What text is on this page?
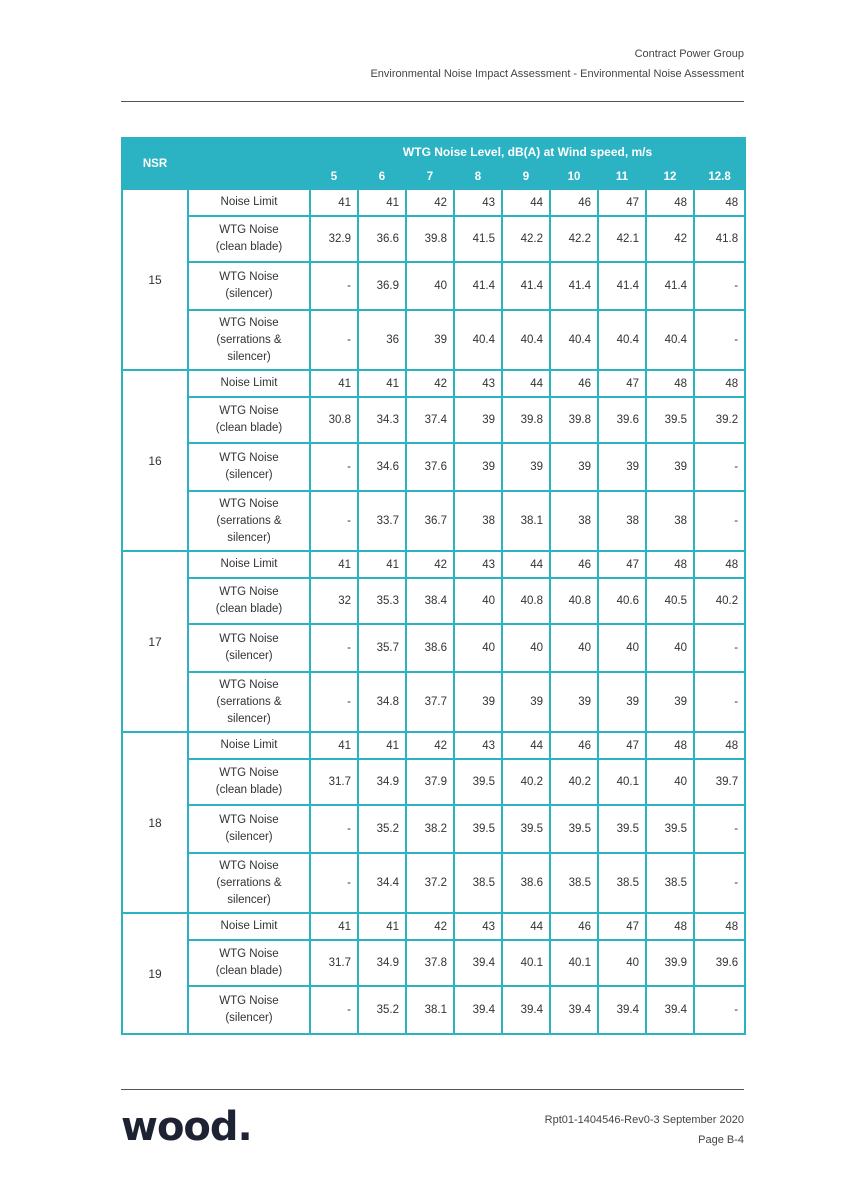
Contract Power Group
Environmental Noise Impact Assessment - Environmental Noise Assessment
NSR		WTG Noise Level, dB(A) at Wind speed, m/s								
		5	6	7	8	9	10	11	12	12.8
15	Noise Limit	41	41	42	43	44	46	47	48	48
	WTG Noise (clean blade)	32.9	36.6	39.8	41.5	42.2	42.2	42.1	42	41.8
	WTG Noise (silencer)	-	36.9	40	41.4	41.4	41.4	41.4	41.4	-
	WTG Noise (serrations & silencer)	-	36	39	40.4	40.4	40.4	40.4	40.4	-
16	Noise Limit	41	41	42	43	44	46	47	48	48
	WTG Noise (clean blade)	30.8	34.3	37.4	39	39.8	39.8	39.6	39.5	39.2
	WTG Noise (silencer)	-	34.6	37.6	39	39	39	39	39	-
	WTG Noise (serrations & silencer)	-	33.7	36.7	38	38.1	38	38	38	-
17	Noise Limit	41	41	42	43	44	46	47	48	48
	WTG Noise (clean blade)	32	35.3	38.4	40	40.8	40.8	40.6	40.5	40.2
	WTG Noise (silencer)	-	35.7	38.6	40	40	40	40	40	-
	WTG Noise (serrations & silencer)	-	34.8	37.7	39	39	39	39	39	-
18	Noise Limit	41	41	42	43	44	46	47	48	48
	WTG Noise (clean blade)	31.7	34.9	37.9	39.5	40.2	40.2	40.1	40	39.7
	WTG Noise (silencer)	-	35.2	38.2	39.5	39.5	39.5	39.5	39.5	-
	WTG Noise (serrations & silencer)	-	34.4	37.2	38.5	38.6	38.5	38.5	38.5	-
19	Noise Limit	41	41	42	43	44	46	47	48	48
	WTG Noise (clean blade)	31.7	34.9	37.8	39.4	40.1	40.1	40	39.9	39.6
	WTG Noise (silencer)	-	35.2	38.1	39.4	39.4	39.4	39.4	39.4	-
wood.	Rpt01-1404546-Rev0-3 September 2020
Page B-4
